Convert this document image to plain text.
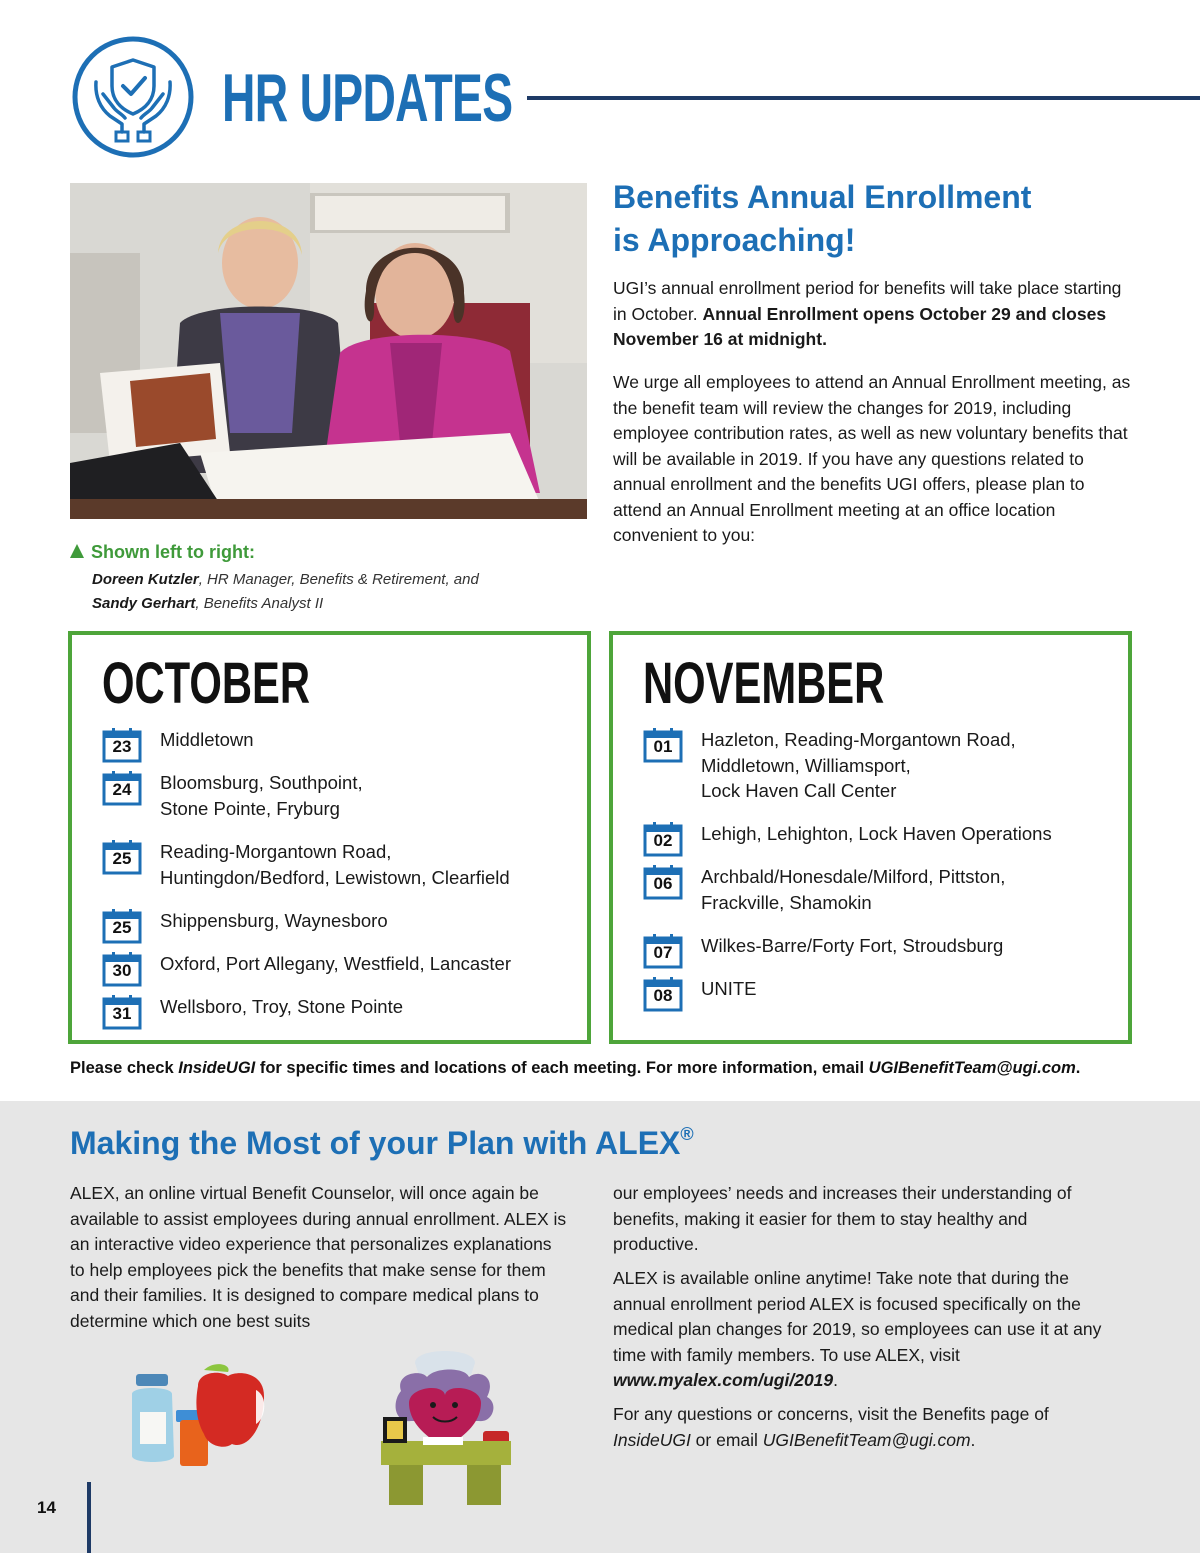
HR UPDATES
Shown left to right:
Doreen Kutzler, HR Manager, Benefits & Retirement, and
Sandy Gerhart, Benefits Analyst II
Benefits Annual Enrollment
is Approaching!

UGI’s annual enrollment period for benefits will take place starting in October. Annual Enrollment opens October 29 and closes November 16 at midnight.

We urge all employees to attend an Annual Enrollment meeting, as the benefit team will review the changes for 2019, including employee contribution rates, as well as new voluntary benefits that will be available in 2019. If you have any questions related to annual enrollment and the benefits UGI offers, please plan to attend an Annual Enrollment meeting at an office location convenient to you:

OCTOBER
23	Middletown
24	Bloomsburg, Southpoint,
Stone Pointe, Fryburg
25	Reading-Morgantown Road,
Huntingdon/Bedford, Lewistown, Clearfield
25	Shippensburg, Waynesboro
30	Oxford, Port Allegany, Westfield, Lancaster
31	Wellsboro, Troy, Stone Pointe
NOVEMBER
01	Hazleton, Reading-Morgantown Road,
Middletown, Williamsport,
Lock Haven Call Center
02	Lehigh, Lehighton, Lock Haven Operations
06	Archbald/Honesdale/Milford, Pittston,
Frackville, Shamokin
07	Wilkes-Barre/Forty Fort, Stroudsburg
08	UNITE
Please check InsideUGI for specific times and locations of each meeting. For more information, email UGIBenefitTeam@ugi.com.
Making the Most of your Plan with ALEX®

ALEX, an online virtual Benefit Counselor, will once again be available to assist employees during annual enrollment. ALEX is an interactive video experience that personalizes explanations to help employees pick the benefits that make sense for them and their families. It is designed to compare medical plans to determine which one best suits

our employees’ needs and increases their understanding of benefits, making it easier for them to stay healthy and productive.

ALEX is available online anytime! Take note that during the annual enrollment period ALEX is focused specifically on the medical plan changes for 2019, so employees can use it at any time with family members. To use ALEX, visit www.myalex.com/ugi/2019.

For any questions or concerns, visit the Benefits page of InsideUGI or email UGIBenefitTeam@ugi.com.

14
